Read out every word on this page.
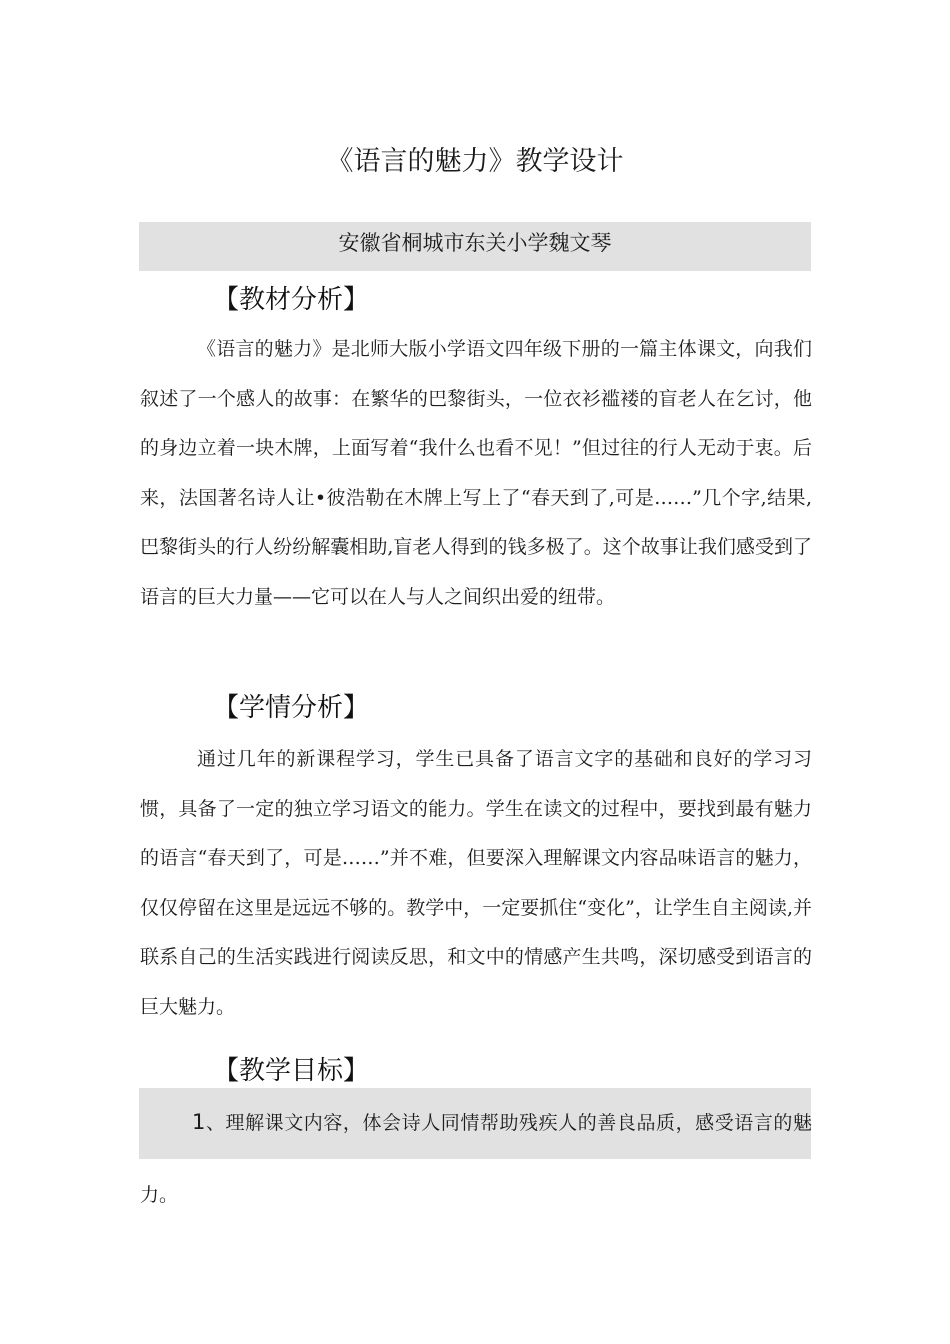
《语言的魅力》教学设计
安徽省桐城市东关小学魏文琴
【教材分析】

《语言的魅力》是北师大版小学语文四年级下册的一篇主体课文，向我们叙述了一个感人的故事：在繁华的巴黎街头，一位衣衫褴褛的盲老人在乞讨，他的身边立着一块木牌，上面写着“我什么也看不见！”但过往的行人无动于衷。后来，法国著名诗人让•彼浩勒在木牌上写上了“春天到了,可是……”几个字,结果,巴黎街头的行人纷纷解囊相助,盲老人得到的钱多极了。这个故事让我们感受到了语言的巨大力量——它可以在人与人之间织出爱的纽带。

【学情分析】

通过几年的新课程学习，学生已具备了语言文字的基础和良好的学习习惯，具备了一定的独立学习语文的能力。学生在读文的过程中，要找到最有魅力的语言“春天到了，可是……”并不难，但要深入理解课文内容品味语言的魅力，仅仅停留在这里是远远不够的。教学中，一定要抓住“变化”，让学生自主阅读,并联系自己的生活实践进行阅读反思，和文中的情感产生共鸣，深切感受到语言的巨大魅力。

【教学目标】

1、理解课文内容，体会诗人同情帮助残疾人的善良品质，感受语言的魅力。
